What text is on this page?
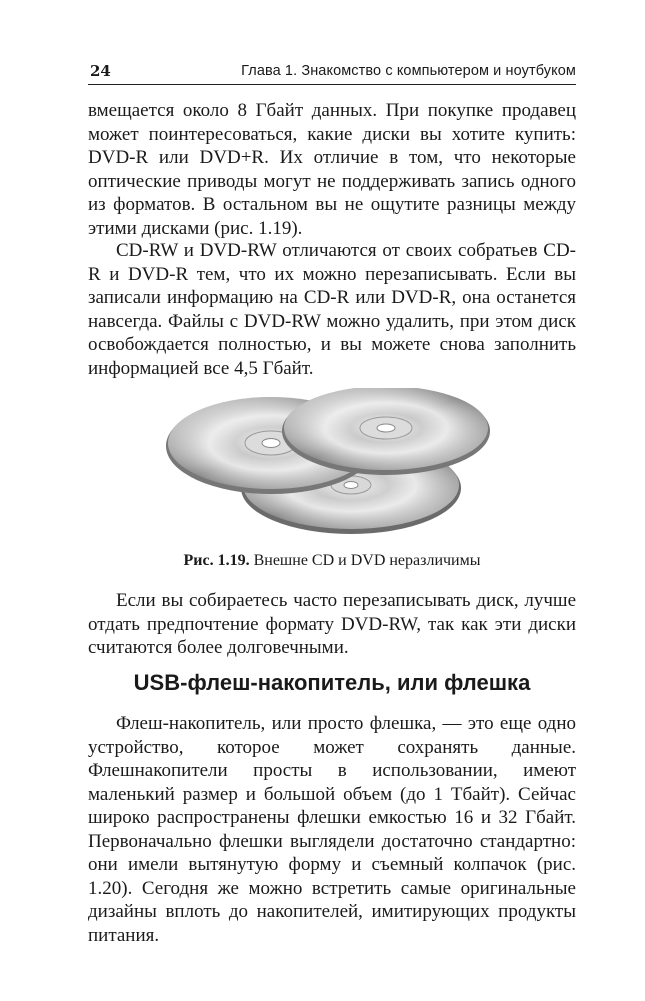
24	Глава 1. Знакомство с компьютером и ноутбуком

вмещается около 8 Гбайт данных. При покупке продавец может поинтересоваться, какие диски вы хотите купить: DVD-R или DVD+R. Их отличие в том, что некоторые оптические приводы могут не поддерживать запись одного из форматов. В остальном вы не ощутите разницы между этими дисками (рис. 1.19).

CD-RW и DVD-RW отличаются от своих собратьев CD-R и DVD-R тем, что их можно перезаписывать. Если вы записали информацию на CD-R или DVD-R, она останется навсегда. Файлы с DVD-RW можно удалить, при этом диск освобождается полностью, и вы можете снова заполнить информацией все 4,5 Гбайт.

Рис. 1.19. Внешне CD и DVD неразличимы

Если вы собираетесь часто перезаписывать диск, лучше отдать предпочтение формату DVD-RW, так как эти диски считаются более долговечными.

USB-флеш-накопитель, или флешка

Флеш-накопитель, или просто флешка, — это еще одно устройство, которое может сохранять данные. Флешнакопители просты в использовании, имеют маленький размер и большой объем (до 1 Тбайт). Сейчас широко распространены флешки емкостью 16 и 32 Гбайт. Первоначально флешки выглядели достаточно стандартно: они имели вытянутую форму и съемный колпачок (рис. 1.20). Сегодня же можно встретить самые оригинальные дизайны вплоть до накопителей, имитирующих продукты питания.
